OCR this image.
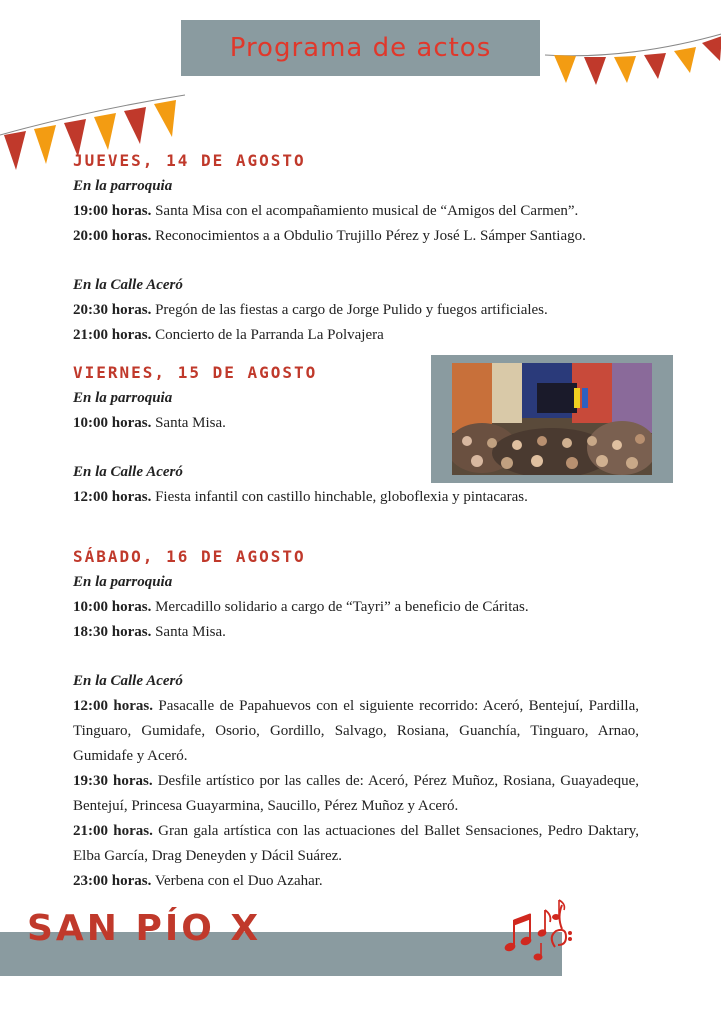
Programa de actos

JUEVES, 14 DE AGOSTO

En la parroquia

19:00 horas. Santa Misa con el acompañamiento musical de “Amigos del Carmen”.

20:00 horas. Reconocimientos a a Obdulio Trujillo Pérez y José L. Sámper Santiago.

En la Calle Aceró

20:30 horas. Pregón de las fiestas a cargo de Jorge Pulido y fuegos artificiales.

21:00 horas. Concierto de la Parranda La Polvajera

VIERNES, 15 DE AGOSTO

En la parroquia

10:00 horas. Santa Misa.

En la Calle Aceró

12:00 horas. Fiesta infantil con castillo hinchable, globoflexia y pintacaras.

SÁBADO, 16 DE AGOSTO

En la parroquia

10:00 horas. Mercadillo solidario a cargo de “Tayri” a beneficio de Cáritas.

18:30 horas. Santa Misa.

En la Calle Aceró

12:00 horas. Pasacalle de Papahuevos con el siguiente recorrido: Aceró, Bentejuí, Pardilla, Tinguaro, Gumidafe, Osorio, Gordillo, Salvago, Rosiana, Guanchía, Tinguaro, Arnao, Gumidafe y Aceró.

19:30 horas. Desfile artístico por las calles de: Aceró, Pérez Muñoz, Rosiana, Guayadeque, Bentejuí, Princesa Guayarmina, Saucillo, Pérez Muñoz y Aceró.

21:00 horas. Gran gala artística con las actuaciones del Ballet Sensaciones, Pedro Daktary, Elba García, Drag Deneyden y Dácil Suárez.

23:00 horas. Verbena con el Duo Azahar.

SAN PÍO X
